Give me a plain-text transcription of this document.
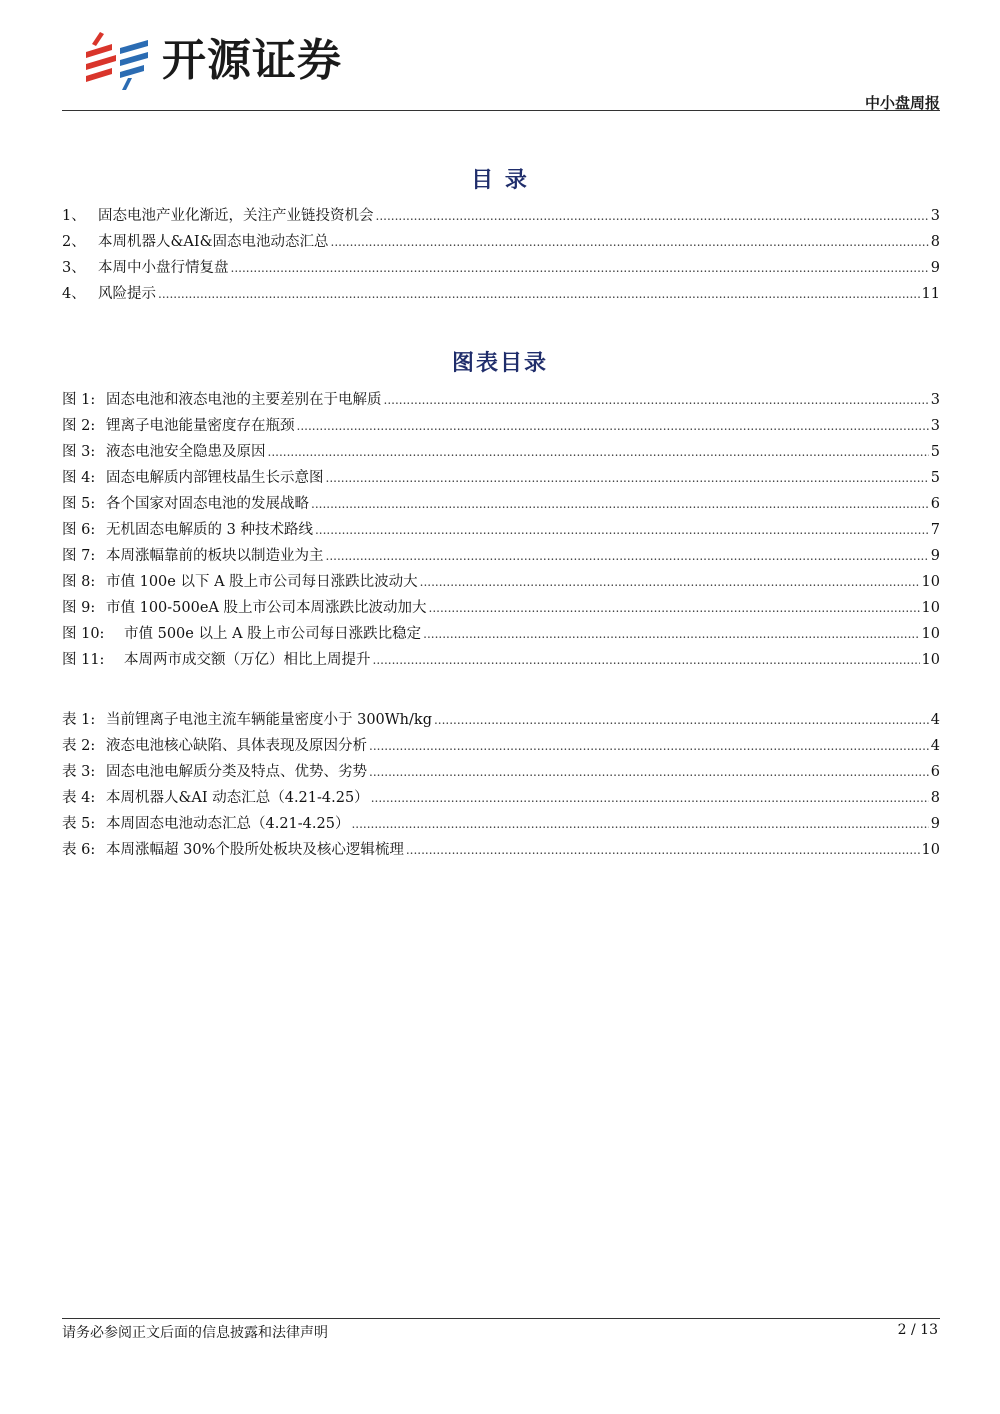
开源证券
中小盘周报
目 录
1、 固态电池产业化渐近，关注产业链投资机会 .....	3
2、 本周机器人&AI&固态电池动态汇总 .....	8
3、 本周中小盘行情复盘 .....	9
4、 风险提示 .....	11
图表目录
图 1: 固态电池和液态电池的主要差别在于电解质 .....	3
图 2: 锂离子电池能量密度存在瓶颈 .....	3
图 3: 液态电池安全隐患及原因 .....	5
图 4: 固态电解质内部锂枝晶生长示意图 .....	5
图 5: 各个国家对固态电池的发展战略 .....	6
图 6: 无机固态电解质的 3 种技术路线 .....	7
图 7: 本周涨幅靠前的板块以制造业为主 .....	9
图 8: 市值 100e 以下 A 股上市公司每日涨跌比波动大 .....	10
图 9: 市值 100-500eA 股上市公司本周涨跌比波动加大 .....	10
图 10:	市值 500e 以上 A 股上市公司每日涨跌比稳定 .....	10
图 11:	本周两市成交额（万亿）相比上周提升 .....	10
表 1: 当前锂离子电池主流车辆能量密度小于 300Wh/kg .....	4
表 2: 液态电池核心缺陷、具体表现及原因分析 .....	4
表 3: 固态电池电解质分类及特点、优势、劣势 .....	6
表 4: 本周机器人&AI 动态汇总（4.21-4.25） .....	8
表 5: 本周固态电池动态汇总（4.21-4.25） .....	9
表 6: 本周涨幅超 30%个股所处板块及核心逻辑梳理 .....	10
请务必参阅正文后面的信息披露和法律声明	2 / 13
